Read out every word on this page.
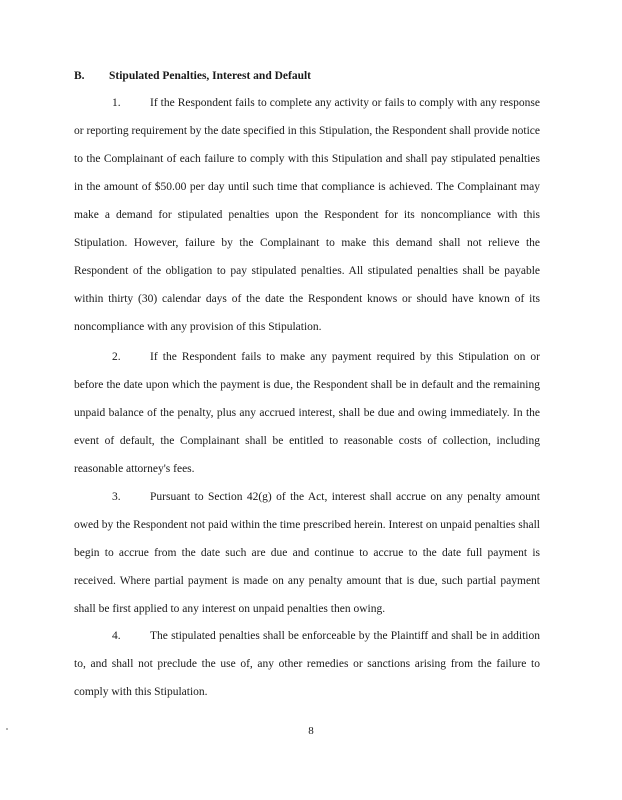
B. Stipulated Penalties, Interest and Default

1.	If the Respondent fails to complete any activity or fails to comply with any response or reporting requirement by the date specified in this Stipulation, the Respondent shall provide notice to the Complainant of each failure to comply with this Stipulation and shall pay stipulated penalties in the amount of $50.00 per day until such time that compliance is achieved. The Complainant may make a demand for stipulated penalties upon the Respondent for its noncompliance with this Stipulation. However, failure by the Complainant to make this demand shall not relieve the Respondent of the obligation to pay stipulated penalties. All stipulated penalties shall be payable within thirty (30) calendar days of the date the Respondent knows or should have known of its noncompliance with any provision of this Stipulation.

2.	If the Respondent fails to make any payment required by this Stipulation on or before the date upon which the payment is due, the Respondent shall be in default and the remaining unpaid balance of the penalty, plus any accrued interest, shall be due and owing immediately. In the event of default, the Complainant shall be entitled to reasonable costs of collection, including reasonable attorney's fees.

3.	Pursuant to Section 42(g) of the Act, interest shall accrue on any penalty amount owed by the Respondent not paid within the time prescribed herein. Interest on unpaid penalties shall begin to accrue from the date such are due and continue to accrue to the date full payment is received. Where partial payment is made on any penalty amount that is due, such partial payment shall be first applied to any interest on unpaid penalties then owing.

4.	The stipulated penalties shall be enforceable by the Plaintiff and shall be in addition to, and shall not preclude the use of, any other remedies or sanctions arising from the failure to comply with this Stipulation.

8
